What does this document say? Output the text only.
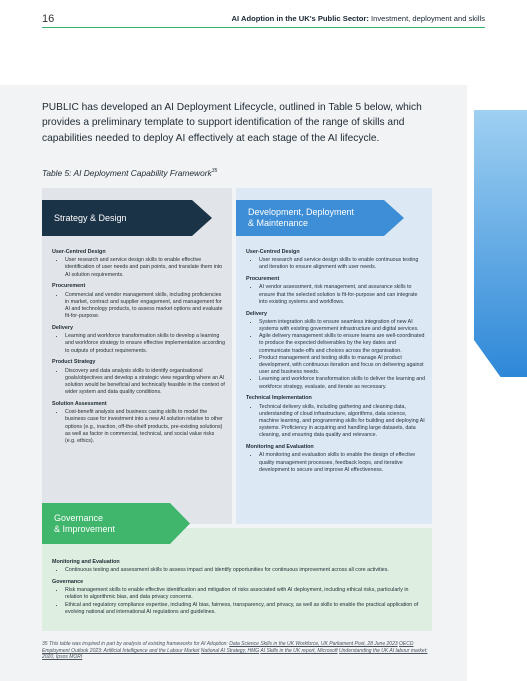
16	AI Adoption in the UK's Public Sector: Investment, deployment and skills

PUBLIC has developed an AI Deployment Lifecycle, outlined in Table 5 below, which provides a preliminary template to support identification of the range of skills and capabilities needed to deploy AI effectively at each stage of the AI lifecycle.

Table 5: AI Deployment Capability Framework$^{35}$
Strategy & Design
Development, Deployment
& Maintenance
Governance
& Improvement
User-Centred Design
• User research and service design skills to enable effective identification of user needs and pain points, and translate them into AI solution requirements.
Procurement
• Commercial and vendor management skills, including proficiencies in market, contract and supplier engagement, and management for AI and technology products, to assess market options and evaluate fit-for-purpose.
Delivery
• Learning and workforce transformation skills to develop a learning and workforce strategy to ensure effective implementation according to outputs of product requirements.
Product Strategy
• Discovery and data analysis skills to identify organisational goals/objectives and develop a strategic view regarding where an AI solution would be beneficial and technically feasible in the context of wider system and data quality conditions.
Solution Assessment
• Cost-benefit analysis and business casing skills to model the business case for investment into a new AI solution relative to other options (e.g., inaction, off-the-shelf products, pre-existing solutions) as well as factor in commercial, technical, and social value risks (e.g. ethics).
User-Centred Design
• User research and service design skills to enable continuous testing and iteration to ensure alignment with user needs.
Procurement
• AI vendor assessment, risk management, and assurance skills to ensure that the selected solution is fit-for-purpose and can integrate into existing systems and workflows.
Delivery
• System integration skills to ensure seamless integration of new AI systems with existing government infrastructure and digital services.
• Agile delivery management skills to ensure teams are well-coordinated to produce the expected deliverables by the key dates and communicate trade-offs and choices across the organisation.
• Product management and testing skills to manage AI product development, with continuous iteration and focus on delivering against user and business needs.
• Learning and workforce transformation skills to deliver the learning and workforce strategy, evaluate, and iterate as necessary.
Technical Implementation
• Technical delivery skills, including gathering and cleaning data, understanding of cloud infrastructure, algorithms, data science, machine learning, and programming skills for building and deploying AI systems. Proficiency in acquiring and handling large datasets, data cleaning, and ensuring data quality and relevance.
Monitoring and Evaluation
• AI monitoring and evaluation skills to enable the design of effective quality management processes, feedback loops, and iterative development to secure and improve AI effectiveness.
Monitoring and Evaluation
• Continuous testing and assessment skills to assess impact and identify opportunities for continuous improvement across all core activities.
Governance
• Risk management skills to enable effective identification and mitigation of risks associated with AI deployment, including ethical risks, particularly in relation to algorithmic bias, and data privacy concerns.
• Ethical and regulatory compliance expertise, including AI bias, fairness, transparency, and privacy, as well as skills to enable the practical application of evolving national and international AI regulations and guidelines.
35 This table was inspired in part by analysis of existing frameworks for AI Adoption: Data Science Skills in the UK Workforce, UK Parliament Post, 28 June 2023 OECD Employment Outlook 2023: Artificial Intelligence and the Labour Market National AI Strategy, HMG AI Skills in the UK report, Microsoft Understanding the UK AI labour market: 2020, Ipsos MORI
